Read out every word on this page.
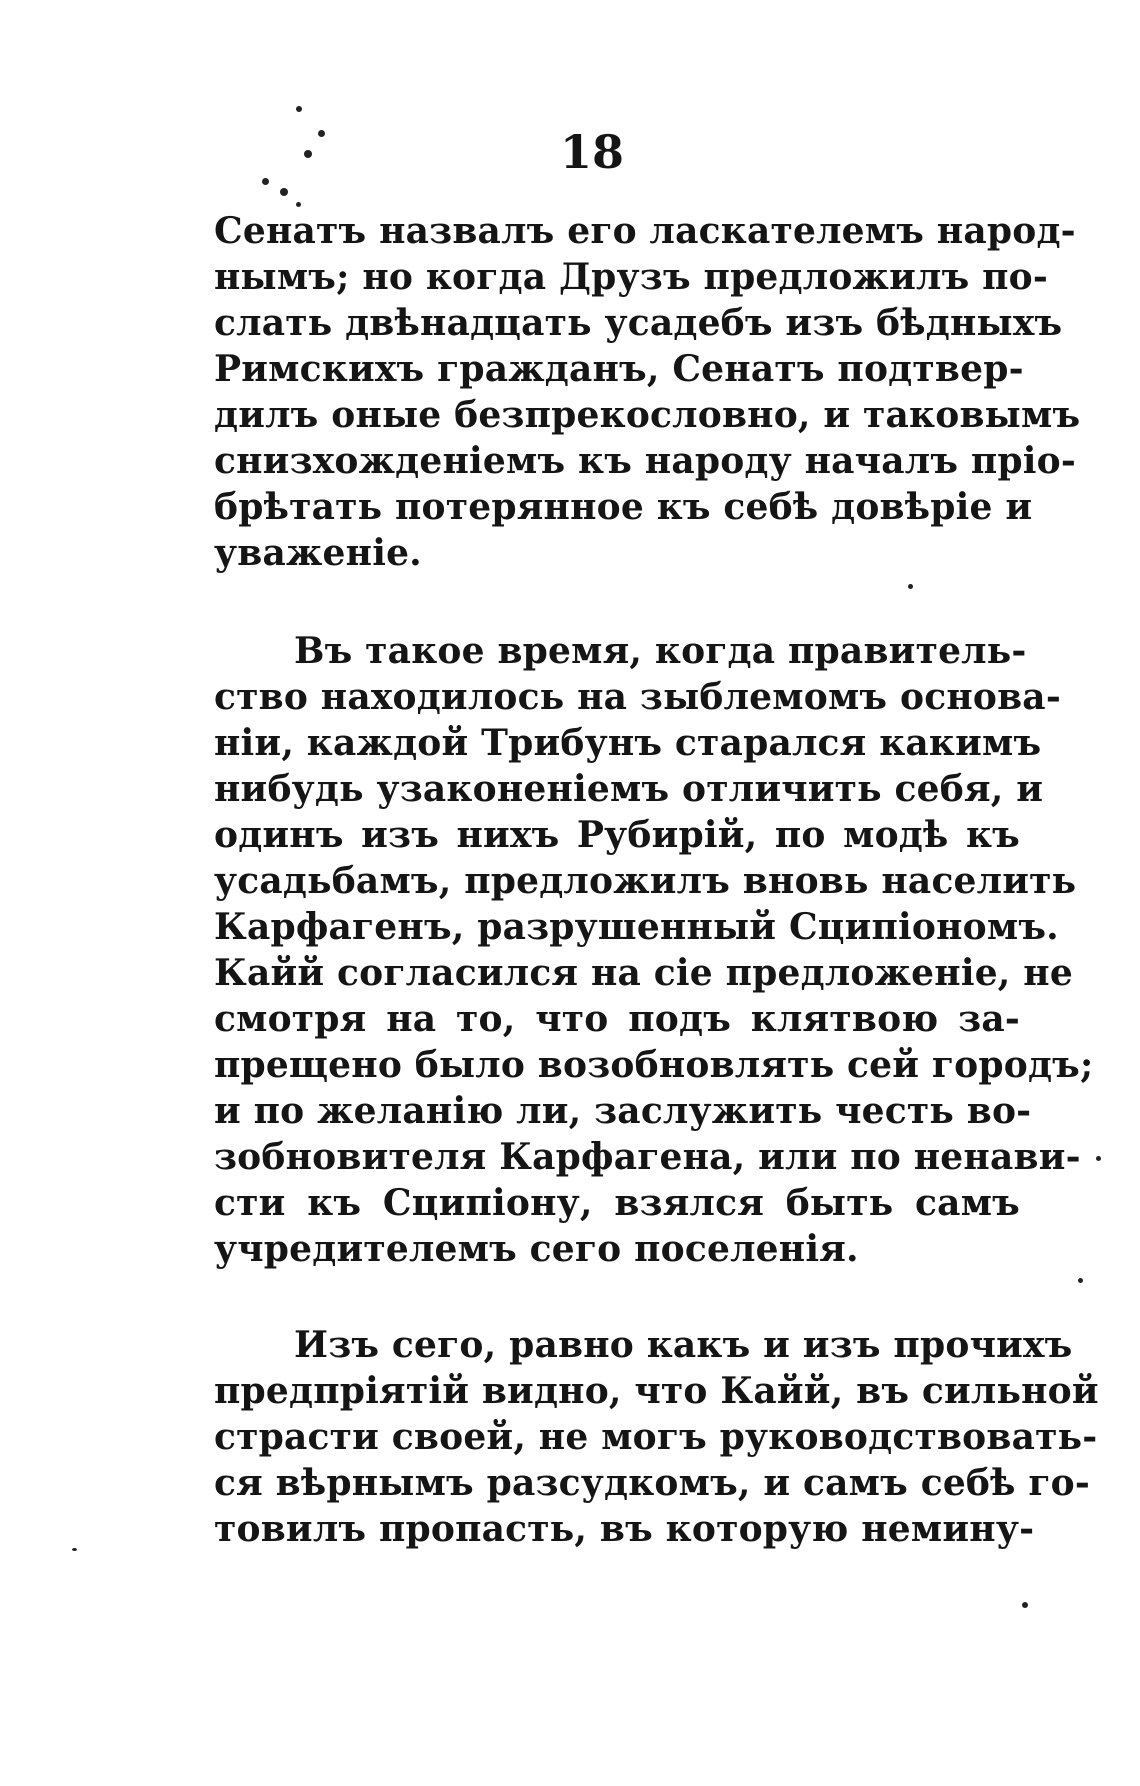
18

Сенатъ назвалъ его ласкателемъ народ-
нымъ; но когда Друзъ предложилъ по-
слать двѣнадцать усадебъ изъ бѣдныхъ
Римскихъ гражданъ, Сенатъ подтвер-
дилъ оные безпрекословно, и таковымъ
снизхожденіемъ къ народу началъ пріо-
брѣтать потерянное къ себѣ довѣріе и
уваженіе.

Въ такое время, когда правитель-
ство находилось на зыблемомъ основа-
ніи, каждой Трибунъ старался какимъ
нибудь узаконеніемъ отличить себя, и
одинъ изъ нихъ Рубирій, по модѣ къ
усадьбамъ, предложилъ вновь населить
Карфагенъ, разрушенный Сципіономъ.
Кайй согласился на сіе предложеніе, не
смотря на то, что подъ клятвою за-
прещено было возобновлять сей городъ;
и по желанію ли, заслужить честь во-
зобновителя Карфагена, или по ненави-
сти къ Сципіону, взялся быть самъ
учредителемъ сего поселенія.

Изъ сего, равно какъ и изъ прочихъ
предпріятій видно, что Кайй, въ сильной
страсти своей, не могъ руководствовать-
ся вѣрнымъ разсудкомъ, и самъ себѣ го-
товилъ пропасть, въ которую немину-
